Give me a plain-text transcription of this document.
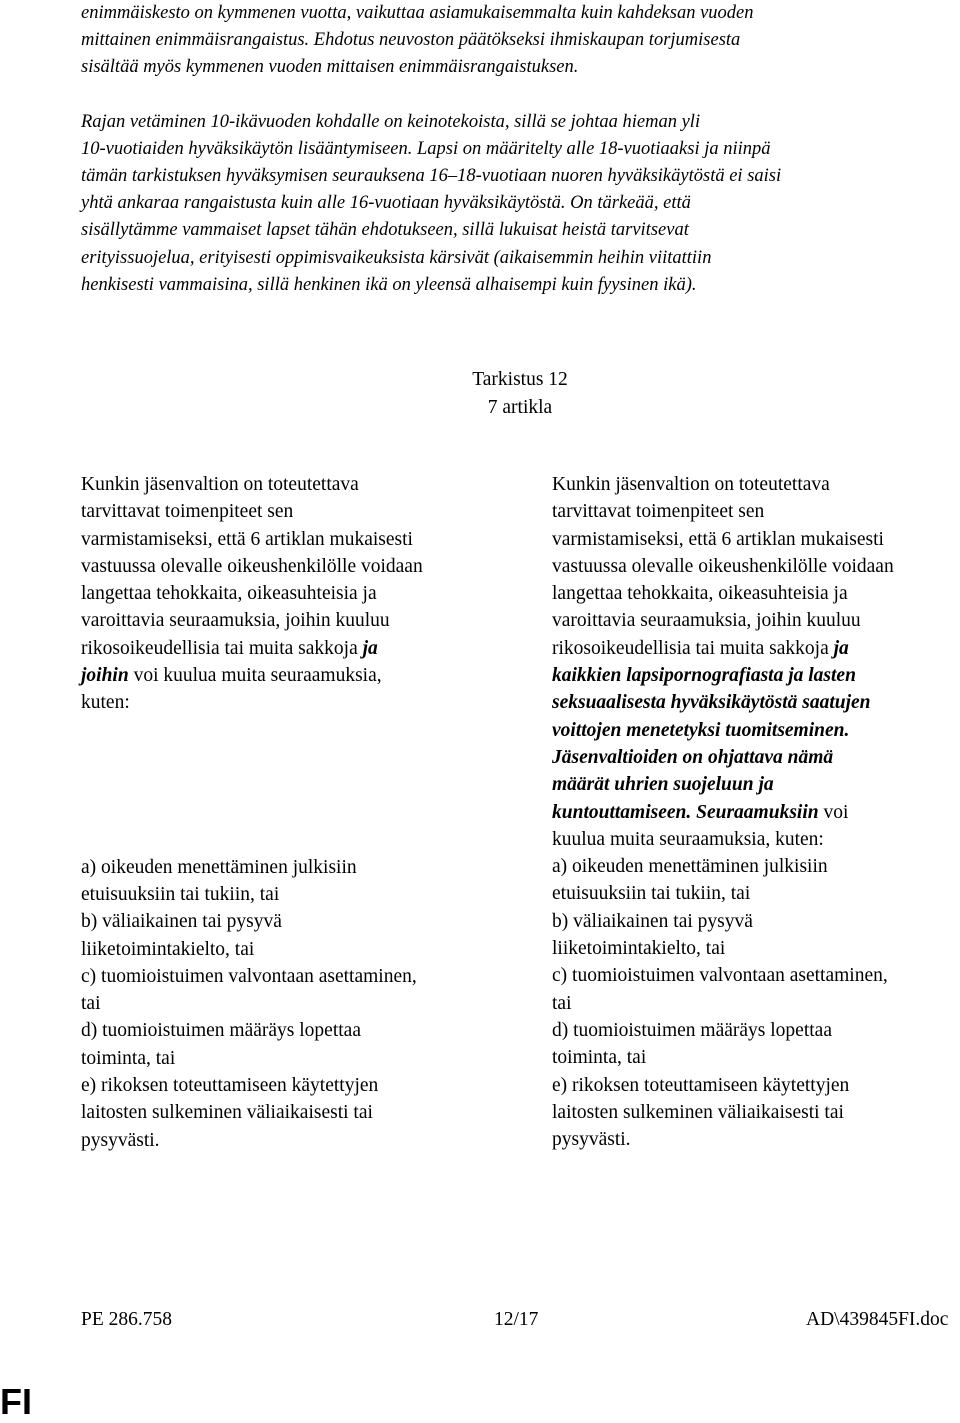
enimmäiskesto on kymmenen vuotta, vaikuttaa asiamukaisemmalta kuin kahdeksan vuoden
mittainen enimmäisrangaistus. Ehdotus neuvoston päätökseksi ihmiskaupan torjumisesta
sisältää myös kymmenen vuoden mittaisen enimmäisrangaistuksen.

Rajan vetäminen 10-ikävuoden kohdalle on keinotekoista, sillä se johtaa hieman yli
10-vuotiaiden hyväksikäytön lisääntymiseen. Lapsi on määritelty alle 18-vuotiaaksi ja niinpä
tämän tarkistuksen hyväksymisen seurauksena 16–18-vuotiaan nuoren hyväksikäytöstä ei saisi
yhtä ankaraa rangaistusta kuin alle 16-vuotiaan hyväksikäytöstä. On tärkeää, että
sisällytämme vammaiset lapset tähän ehdotukseen, sillä lukuisat heistä tarvitsevat
erityissuojelua, erityisesti oppimisvaikeuksista kärsivät (aikaisemmin heihin viitattiin
henkisesti vammaisina, sillä henkinen ikä on yleensä alhaisempi kuin fyysinen ikä).

Tarkistus 12
7 artikla
Kunkin jäsenvaltion on toteutettava
tarvittavat toimenpiteet sen
varmistamiseksi, että 6 artiklan mukaisesti
vastuussa olevalle oikeushenkilölle voidaan
langettaa tehokkaita, oikeasuhteisia ja
varoittavia seuraamuksia, joihin kuuluu
rikosoikeudellisia tai muita sakkoja ja
joihin voi kuulua muita seuraamuksia,
kuten:
a) oikeuden menettäminen julkisiin
etuisuuksiin tai tukiin, tai
b) väliaikainen tai pysyvä
liiketoimintakielto, tai
c) tuomioistuimen valvontaan asettaminen,
tai
d) tuomioistuimen määräys lopettaa
toiminta, tai
e) rikoksen toteuttamiseen käytettyjen
laitosten sulkeminen väliaikaisesti tai
pysyvästi.
Kunkin jäsenvaltion on toteutettava
tarvittavat toimenpiteet sen
varmistamiseksi, että 6 artiklan mukaisesti
vastuussa olevalle oikeushenkilölle voidaan
langettaa tehokkaita, oikeasuhteisia ja
varoittavia seuraamuksia, joihin kuuluu
rikosoikeudellisia tai muita sakkoja ja
kaikkien lapsipornografiasta ja lasten
seksuaalisesta hyväksikäytöstä saatujen
voittojen menetetyksi tuomitseminen.
Jäsenvaltioiden on ohjattava nämä
määrät uhrien suojeluun ja
kuntouttamiseen. Seuraamuksiin voi
kuulua muita seuraamuksia, kuten:
a) oikeuden menettäminen julkisiin
etuisuuksiin tai tukiin, tai
b) väliaikainen tai pysyvä
liiketoimintakielto, tai
c) tuomioistuimen valvontaan asettaminen,
tai
d) tuomioistuimen määräys lopettaa
toiminta, tai
e) rikoksen toteuttamiseen käytettyjen
laitosten sulkeminen väliaikaisesti tai
pysyvästi.
PE 286.758	12/17	AD\439845FI.doc
FI
